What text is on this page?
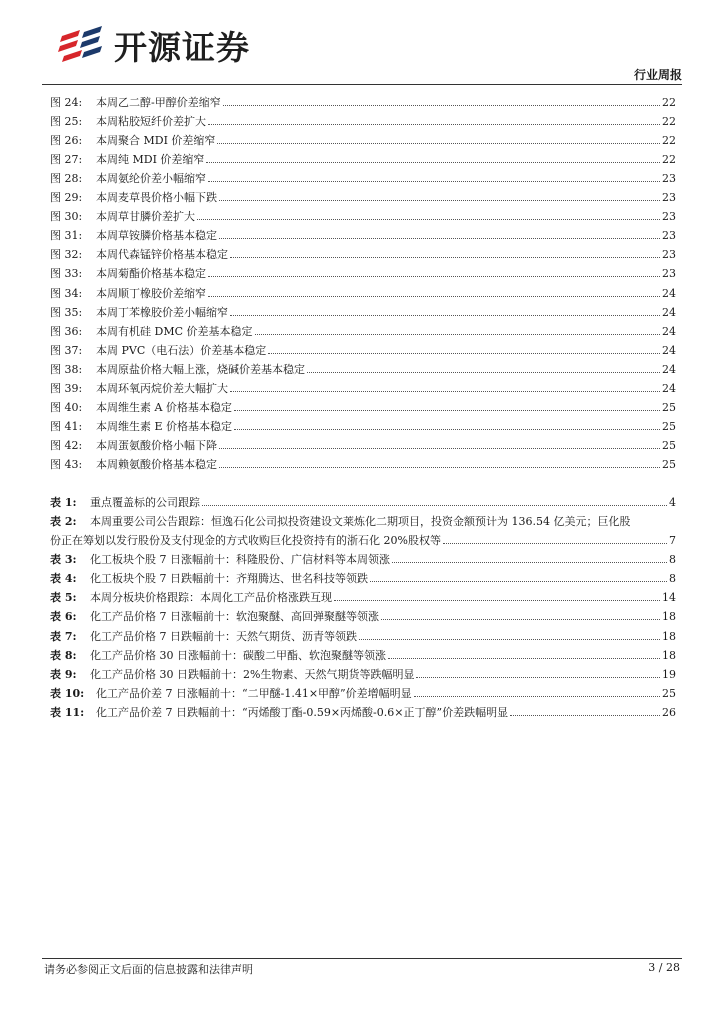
开源证券
行业周报
图 24:	本周乙二醇-甲醇价差缩窄	22
图 25:	本周粘胶短纤价差扩大	22
图 26:	本周聚合 MDI 价差缩窄	22
图 27:	本周纯 MDI 价差缩窄	22
图 28:	本周氨纶价差小幅缩窄	23
图 29:	本周麦草畏价格小幅下跌	23
图 30:	本周草甘膦价差扩大	23
图 31:	本周草铵膦价格基本稳定	23
图 32:	本周代森锰锌价格基本稳定	23
图 33:	本周菊酯价格基本稳定	23
图 34:	本周顺丁橡胶价差缩窄	24
图 35:	本周丁苯橡胶价差小幅缩窄	24
图 36:	本周有机硅 DMC 价差基本稳定	24
图 37:	本周 PVC（电石法）价差基本稳定	24
图 38:	本周原盐价格大幅上涨，烧碱价差基本稳定	24
图 39:	本周环氧丙烷价差大幅扩大	24
图 40:	本周维生素 A 价格基本稳定	25
图 41:	本周维生素 E 价格基本稳定	25
图 42:	本周蛋氨酸价格小幅下降	25
图 43:	本周赖氨酸价格基本稳定	25
表 1:	重点覆盖标的公司跟踪	4
表 2:	本周重要公司公告跟踪：恒逸石化公司拟投资建设文莱炼化二期项目，投资金额预计为 136.54 亿美元；巨化股
份正在筹划以发行股份及支付现金的方式收购巨化投资持有的浙石化 20%股权等	7
表 3:	化工板块个股 7 日涨幅前十：科隆股份、广信材料等本周领涨	8
表 4:	化工板块个股 7 日跌幅前十：齐翔腾达、世名科技等领跌	8
表 5:	本周分板块价格跟踪：本周化工产品价格涨跌互现	14
表 6:	化工产品价格 7 日涨幅前十：软泡聚醚、高回弹聚醚等领涨	18
表 7:	化工产品价格 7 日跌幅前十：天然气期货、沥青等领跌	18
表 8:	化工产品价格 30 日涨幅前十：碳酸二甲酯、软泡聚醚等领涨	18
表 9:	化工产品价格 30 日跌幅前十：2%生物素、天然气期货等跌幅明显	19
表 10:	化工产品价差 7 日涨幅前十：“二甲醚-1.41×甲醇”价差增幅明显	25
表 11:	化工产品价差 7 日跌幅前十：“丙烯酸丁酯-0.59×丙烯酸-0.6×正丁醇”价差跌幅明显	26
请务必参阅正文后面的信息披露和法律声明	3 / 28
